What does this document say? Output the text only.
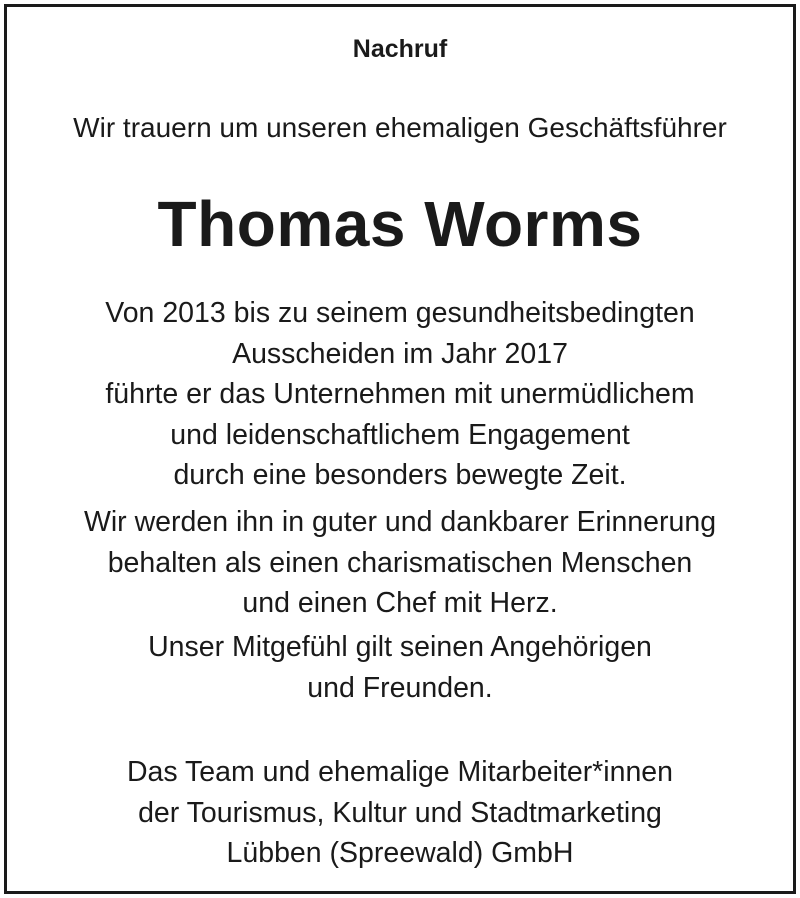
Nachruf
Wir trauern um unseren ehemaligen Geschäftsführer
Thomas Worms
Von 2013 bis zu seinem gesundheitsbedingten
Ausscheiden im Jahr 2017
führte er das Unternehmen mit unermüdlichem
und leidenschaftlichem Engagement
durch eine besonders bewegte Zeit.
Wir werden ihn in guter und dankbarer Erinnerung
behalten als einen charismatischen Menschen
und einen Chef mit Herz.
Unser Mitgefühl gilt seinen Angehörigen
und Freunden.
Das Team und ehemalige Mitarbeiter*innen
der Tourismus, Kultur und Stadtmarketing
Lübben (Spreewald) GmbH
